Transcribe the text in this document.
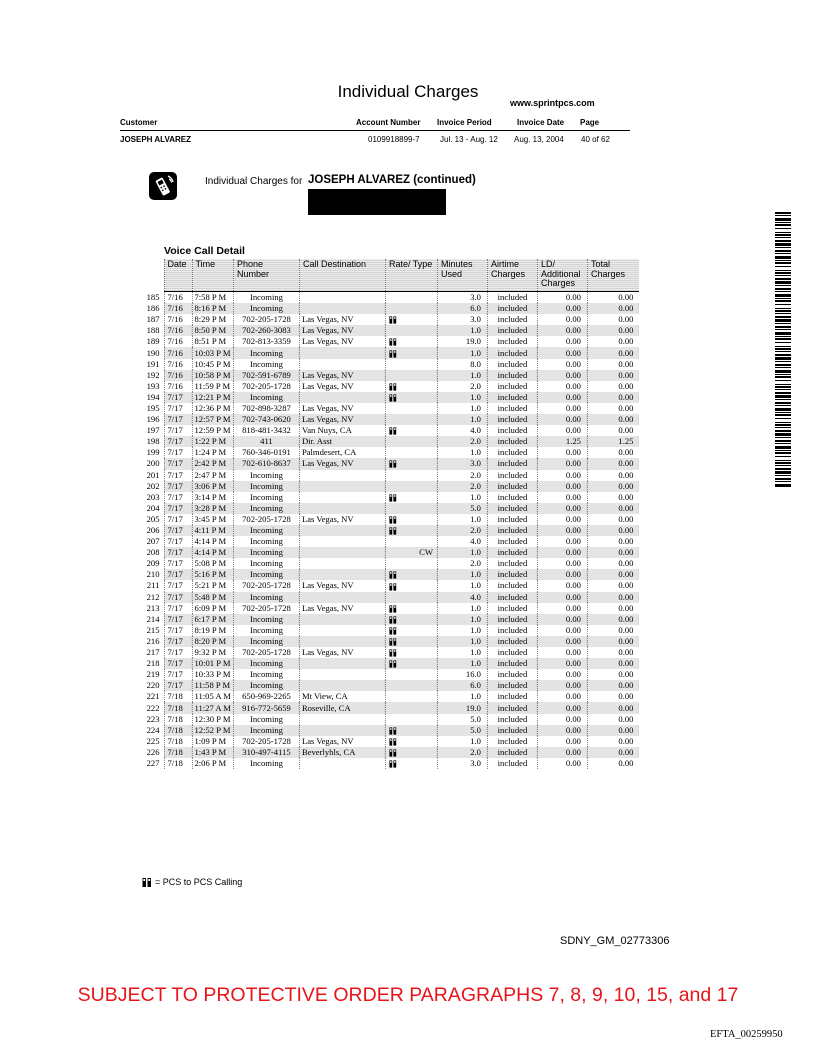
Individual Charges
www.sprintpcs.com
Customer	Account Number Invoice Period	Invoice Date Page
JOSEPH ALVAREZ	0109918899-7	Jul. 13 - Aug. 12 Aug. 13, 2004 40 of 62
Individual Charges for JOSEPH ALVAREZ (continued)
Voice Call Detail
	Date	Time	Phone Number	Call Destination	Rate/ Type	Minutes Used	Airtime Charges	LD/ Additional Charges	Total Charges
185	7/16	7:58 P M	Incoming			3.0	included	0.00	0.00
186	7/16	8:16 P M	Incoming			6.0	included	0.00	0.00
187	7/16	8:29 P M	702-205-1728	Las Vegas, NV		3.0	included	0.00	0.00
188	7/16	8:50 P M	702-260-3083	Las Vegas, NV		1.0	included	0.00	0.00
189	7/16	8:51 P M	702-813-3359	Las Vegas, NV		19.0	included	0.00	0.00
190	7/16	10:03 P M	Incoming			1.0	included	0.00	0.00
191	7/16	10:45 P M	Incoming			8.0	included	0.00	0.00
192	7/16	10:58 P M	702-591-6789	Las Vegas, NV		1.0	included	0.00	0.00
193	7/16	11:59 P M	702-205-1728	Las Vegas, NV		2.0	included	0.00	0.00
194	7/17	12:21 P M	Incoming			1.0	included	0.00	0.00
195	7/17	12:36 P M	702-898-3287	Las Vegas, NV		1.0	included	0.00	0.00
196	7/17	12:57 P M	702-743-0620	Las Vegas, NV		1.0	included	0.00	0.00
197	7/17	12:59 P M	818-481-3432	Van Nuys, CA		4.0	included	0.00	0.00
198	7/17	1:22 P M	411	Dir. Asst		2.0	included	1.25	1.25
199	7/17	1:24 P M	760-346-0191	Palmdesert, CA		1.0	included	0.00	0.00
200	7/17	2:42 P M	702-610-8637	Las Vegas, NV		3.0	included	0.00	0.00
201	7/17	2:47 P M	Incoming			2.0	included	0.00	0.00
202	7/17	3:06 P M	Incoming			2.0	included	0.00	0.00
203	7/17	3:14 P M	Incoming			1.0	included	0.00	0.00
204	7/17	3:28 P M	Incoming			5.0	included	0.00	0.00
205	7/17	3:45 P M	702-205-1728	Las Vegas, NV		1.0	included	0.00	0.00
206	7/17	4:11 P M	Incoming			2.0	included	0.00	0.00
207	7/17	4:14 P M	Incoming			4.0	included	0.00	0.00
208	7/17	4:14 P M	Incoming		CW	1.0	included	0.00	0.00
209	7/17	5:08 P M	Incoming			2.0	included	0.00	0.00
210	7/17	5:16 P M	Incoming			1.0	included	0.00	0.00
211	7/17	5:21 P M	702-205-1728	Las Vegas, NV		1.0	included	0.00	0.00
212	7/17	5:48 P M	Incoming			4.0	included	0.00	0.00
213	7/17	6:09 P M	702-205-1728	Las Vegas, NV		1.0	included	0.00	0.00
214	7/17	6:17 P M	Incoming			1.0	included	0.00	0.00
215	7/17	8:19 P M	Incoming			1.0	included	0.00	0.00
216	7/17	8:20 P M	Incoming			1.0	included	0.00	0.00
217	7/17	9:32 P M	702-205-1728	Las Vegas, NV		1.0	included	0.00	0.00
218	7/17	10:01 P M	Incoming			1.0	included	0.00	0.00
219	7/17	10:33 P M	Incoming			16.0	included	0.00	0.00
220	7/17	11:58 P M	Incoming			6.0	included	0.00	0.00
221	7/18	11:05 A M	650-969-2265	Mt View, CA		1.0	included	0.00	0.00
222	7/18	11:27 A M	916-772-5659	Roseville, CA		19.0	included	0.00	0.00
223	7/18	12:30 P M	Incoming			5.0	included	0.00	0.00
224	7/18	12:52 P M	Incoming			5.0	included	0.00	0.00
225	7/18	1:09 P M	702-205-1728	Las Vegas, NV		1.0	included	0.00	0.00
226	7/18	1:43 P M	310-497-4115	Beverlyhls, CA		2.0	included	0.00	0.00
227	7/18	2:06 P M	Incoming			3.0	included	0.00	0.00
= PCS to PCS Calling
SDNY_GM_02773306
SUBJECT TO PROTECTIVE ORDER PARAGRAPHS 7, 8, 9, 10, 15, and 17
EFTA_00259950
